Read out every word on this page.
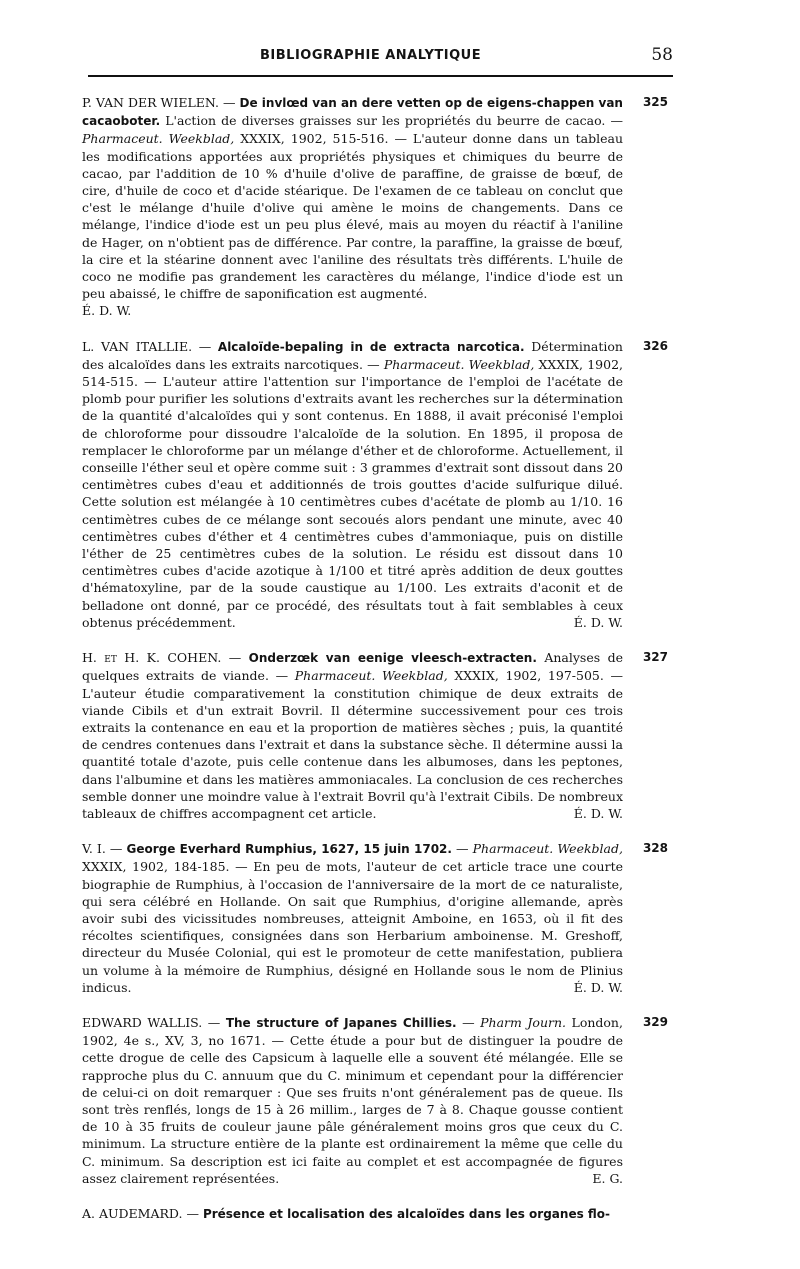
BIBLIOGRAPHIE ANALYTIQUE	58
325

P. VAN DER WIELEN. — De invlœd van an dere vetten op de eigens-chappen van cacaoboter. L'action de diverses graisses sur les propriétés du beurre de cacao. — Pharmaceut. Weekblad, XXXIX, 1902, 515-516. — L'auteur donne dans un tableau les modifications apportées aux propriétés physiques et chimiques du beurre de cacao, par l'addition de 10 % d'huile d'olive de paraffine, de graisse de bœuf, de cire, d'huile de coco et d'acide stéarique. De l'examen de ce tableau on conclut que c'est le mélange d'huile d'olive qui amène le moins de changements. Dans ce mélange, l'indice d'iode est un peu plus élevé, mais au moyen du réactif à l'aniline de Hager, on n'obtient pas de différence. Par contre, la paraffine, la graisse de bœuf, la cire et la stéarine donnent avec l'aniline des résultats très différents. L'huile de coco ne modifie pas grandement les caractères du mélange, l'indice d'iode est un peu abaissé, le chiffre de saponification est augmenté.

É. D. W.

326

L. VAN ITALLIE. — Alcaloïde-bepaling in de extracta narcotica. Détermination des alcaloïdes dans les extraits narcotiques. — Pharmaceut. Weekblad, XXXIX, 1902, 514-515. — L'auteur attire l'attention sur l'importance de l'emploi de l'acétate de plomb pour purifier les solutions d'extraits avant les recherches sur la détermination de la quantité d'alcaloïdes qui y sont contenus. En 1888, il avait préconisé l'emploi de chloroforme pour dissoudre l'alcaloïde de la solution. En 1895, il proposa de remplacer le chloroforme par un mélange d'éther et de chloroforme. Actuellement, il conseille l'éther seul et opère comme suit : 3 grammes d'extrait sont dissout dans 20 centimètres cubes d'eau et additionnés de trois gouttes d'acide sulfurique dilué. Cette solution est mélangée à 10 centimètres cubes d'acétate de plomb au 1/10. 16 centimètres cubes de ce mélange sont secoués alors pendant une minute, avec 40 centimètres cubes d'éther et 4 centimètres cubes d'ammoniaque, puis on distille l'éther de 25 centimètres cubes de la solution. Le résidu est dissout dans 10 centimètres cubes d'acide azotique à 1/100 et titré après addition de deux gouttes d'hématoxyline, par de la soude caustique au 1/100. Les extraits d'aconit et de belladone ont donné, par ce procédé, des résultats tout à fait semblables à ceux obtenus précédemment.	É. D. W.

327

H. et H. K. COHEN. — Onderzœk van eenige vleesch-extracten. Analyses de quelques extraits de viande. — Pharmaceut. Weekblad, XXXIX, 1902, 197-505. — L'auteur étudie comparativement la constitution chimique de deux extraits de viande Cibils et d'un extrait Bovril. Il détermine successivement pour ces trois extraits la contenance en eau et la proportion de matières sèches ; puis, la quantité de cendres contenues dans l'extrait et dans la substance sèche. Il détermine aussi la quantité totale d'azote, puis celle contenue dans les albumoses, dans les peptones, dans l'albumine et dans les matières ammoniacales. La conclusion de ces recherches semble donner une moindre value à l'extrait Bovril qu'à l'extrait Cibils. De nombreux tableaux de chiffres accompagnent cet article.	É. D. W.

328

V. I. — George Everhard Rumphius, 1627, 15 juin 1702. — Pharmaceut. Weekblad, XXXIX, 1902, 184-185. — En peu de mots, l'auteur de cet article trace une courte biographie de Rumphius, à l'occasion de l'anniversaire de la mort de ce naturaliste, qui sera célébré en Hollande. On sait que Rumphius, d'origine allemande, après avoir subi des vicissitudes nombreuses, atteignit Amboine, en 1653, où il fit des récoltes scientifiques, consignées dans son Herbarium amboinense. M. Greshoff, directeur du Musée Colonial, qui est le promoteur de cette manifestation, publiera un volume à la mémoire de Rumphius, désigné en Hollande sous le nom de Plinius indicus.	É. D. W.

329

EDWARD WALLIS. — The structure of Japanes Chillies. — Pharm Journ. London, 1902, 4e s., XV, 3, no 1671. — Cette étude a pour but de distinguer la poudre de cette drogue de celle des Capsicum à laquelle elle a souvent été mélangée. Elle se rapproche plus du C. annuum que du C. minimum et cependant pour la différencier de celui-ci on doit remarquer : Que ses fruits n'ont généralement pas de queue. Ils sont très renflés, longs de 15 à 26 millim., larges de 7 à 8. Chaque gousse contient de 10 à 35 fruits de couleur jaune pâle généralement moins gros que ceux du C. minimum. La structure entière de la plante est ordinairement la même que celle du C. minimum. Sa description est ici faite au complet et est accompagnée de figures assez clairement représentées.	E. G.

A. AUDEMARD. — Présence et localisation des alcaloïdes dans les organes flo-
